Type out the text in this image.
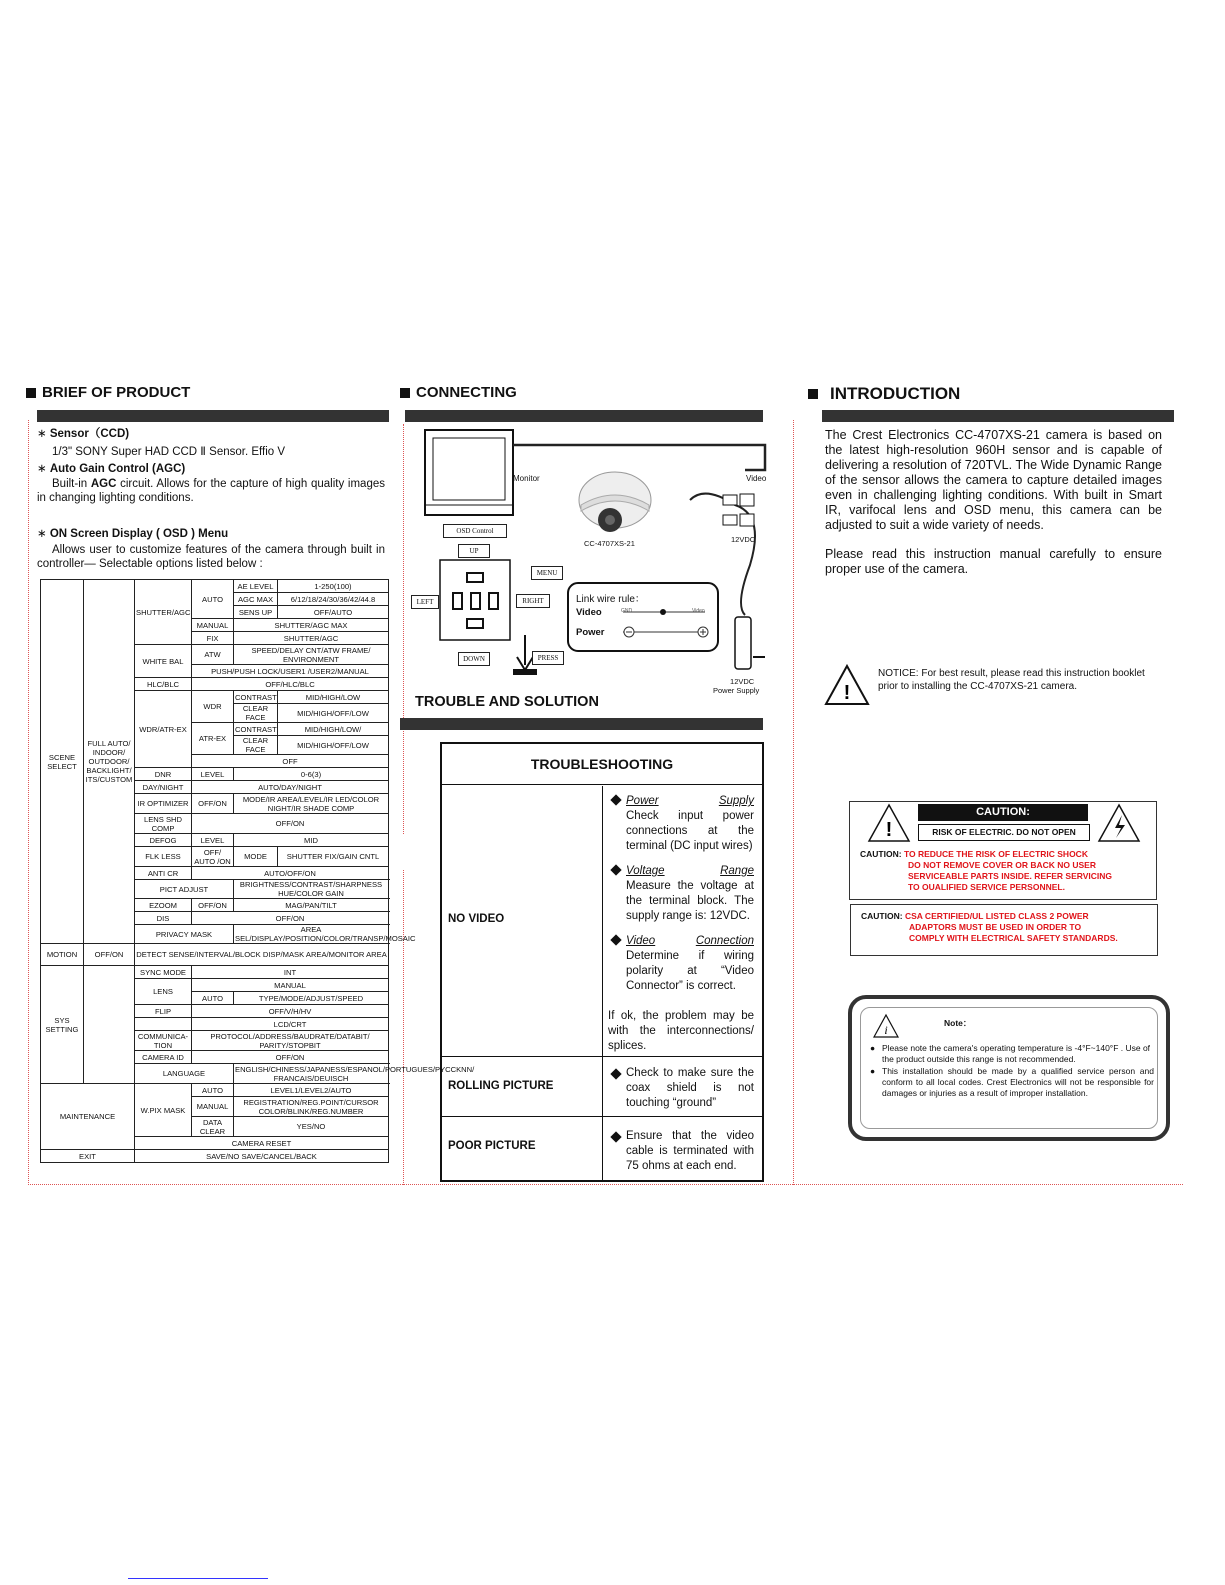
BRIEF OF PRODUCT
∗ Sensor（CCD)
1/3" SONY Super HAD CCD Ⅱ Sensor. Effio V
∗ Auto Gain Control (AGC)
Built-in AGC circuit. Allows for the capture of high quality images in changing lighting conditions.
∗ ON Screen Display ( OSD ) Menu
Allows user to customize features of the camera through built in controller— Selectable options listed below :
SCENE SELECT	FULL AUTO/ INDOOR/ OUTDOOR/ BACKLIGHT/ ITS/CUSTOM	SHUTTER/AGC	AUTO	AE LEVEL	1-250(100)
				AGC MAX	6/12/18/24/30/36/42/44.8
				SENS UP	OFF/AUTO
			MANUAL	SHUTTER/AGC MAX	
			FIX	SHUTTER/AGC	
		WHITE BAL	ATW	SPEED/DELAY CNT/ATW FRAME/ ENVIRONMENT	
			PUSH/PUSH LOCK/USER1 /USER2/MANUAL		
		HLC/BLC	OFF/HLC/BLC		
		WDR/ATR-EX	WDR	CONTRAST	MID/HIGH/LOW
				CLEAR FACE	MID/HIGH/OFF/LOW
			ATR-EX	CONTRAST	MID/HIGH/LOW/
				CLEAR FACE	MID/HIGH/OFF/LOW
			OFF		
		DNR	LEVEL	0-6(3)	
		DAY/NIGHT	AUTO/DAY/NIGHT		
		IR OPTIMIZER	OFF/ON	MODE/IR AREA/LEVEL/IR LED/COLOR NIGHT/IR SHADE COMP	
		LENS SHD COMP	OFF/ON		
		DEFOG	LEVEL	MID	
		FLK LESS	OFF/ AUTO /ON	MODE	SHUTTER FIX/GAIN CNTL
		ANTI CR	AUTO/OFF/ON		
		PICT ADJUST		BRIGHTNESS/CONTRAST/SHARPNESS HUE/COLOR GAIN	
		EZOOM	OFF/ON	MAG/PAN/TILT	
		DIS	OFF/ON		
		PRIVACY MASK		AREA SEL/DISPLAY/POSITION/COLOR/TRANSP/MOSAIC	
MOTION	OFF/ON	DETECT SENSE/INTERVAL/BLOCK DISP/MASK AREA/MONITOR AREA			
SYS SETTING		SYNC MODE	INT		
		LENS	MANUAL		
			AUTO	TYPE/MODE/ADJUST/SPEED	
		FLIP	OFF/V/H/HV		
			LCD/CRT		
		COMMUNICA-TION	PROTOCOL/ADDRESS/BAUDRATE/DATABIT/ PARITY/STOPBIT		
		CAMERA ID	OFF/ON		
		LANGUAGE		ENGLISH/CHINESS/JAPANESS/ESPANOL/PORTUGUES/PYCCKNN/ FRANCAIS/DEUISCH	
MAINTENANCE		W.PIX MASK	AUTO	LEVEL1/LEVEL2/AUTO	
			MANUAL	REGISTRATION/REG.POINT/CURSOR COLOR/BLINK/REG.NUMBER	
			DATA CLEAR	YES/NO	
		CAMERA RESET			
EXIT		SAVE/NO SAVE/CANCEL/BACK			
CONNECTING
Monitor	Video
CC-4707XS-21	12VDC
OSD Control
UP
MENU
LEFT	RIGHT
DOWN	PRESS
Link wire rule：
Video
Power
GND	Video
12VDC
Power Supply
TROUBLE AND SOLUTION
TROUBLESHOOTING
NO VIDEO
Power	Supply
Check input power connections at the terminal (DC input wires)
Voltage	Range
Measure the voltage at the terminal block. The supply range is: 12VDC.
Video	Connection
Determine if wiring polarity at “Video Connector” is correct.
If ok, the problem may be with the interconnections/ splices.
ROLLING PICTURE
Check to make sure the coax shield is not touching “ground”
POOR PICTURE
Ensure that the video cable is terminated with 75 ohms at each end.
INTRODUCTION
The Crest Electronics CC-4707XS-21 camera is based on the latest high-resolution 960H sensor and is capable of delivering a resolution of 720TVL. The Wide Dynamic Range of the sensor allows the camera to capture detailed images even in challenging lighting conditions. With built in Smart IR, varifocal lens and OSD menu, this camera can be adjusted to suit a wide variety of needs.
Please read this instruction manual carefully to ensure proper use of the camera.
!
NOTICE: For best result, please read this instruction booklet prior to installing the CC-4707XS-21 camera.
!
CAUTION:
RISK OF ELECTRIC. DO NOT OPEN
CAUTION: TO REDUCE THE RISK OF ELECTRIC SHOCK
DO NOT REMOVE COVER OR BACK NO USER
SERVICEABLE PARTS INSIDE. REFER SERVICING
TO OUALIFIED SERVICE PERSONNEL.
CAUTION: CSA CERTIFIED/UL LISTED CLASS 2 POWER
ADAPTORS MUST BE USED IN ORDER TO
COMPLY WITH ELECTRICAL SAFETY STANDARDS.
i	Note：
● Please note the camera's operating temperature is -4°F~140°F . Use of the product outside this range is not recommended.
● This installation should be made by a qualified service person and conform to all local codes. Crest Electronics will not be responsible for damages or injuries as a result of improper installation.
